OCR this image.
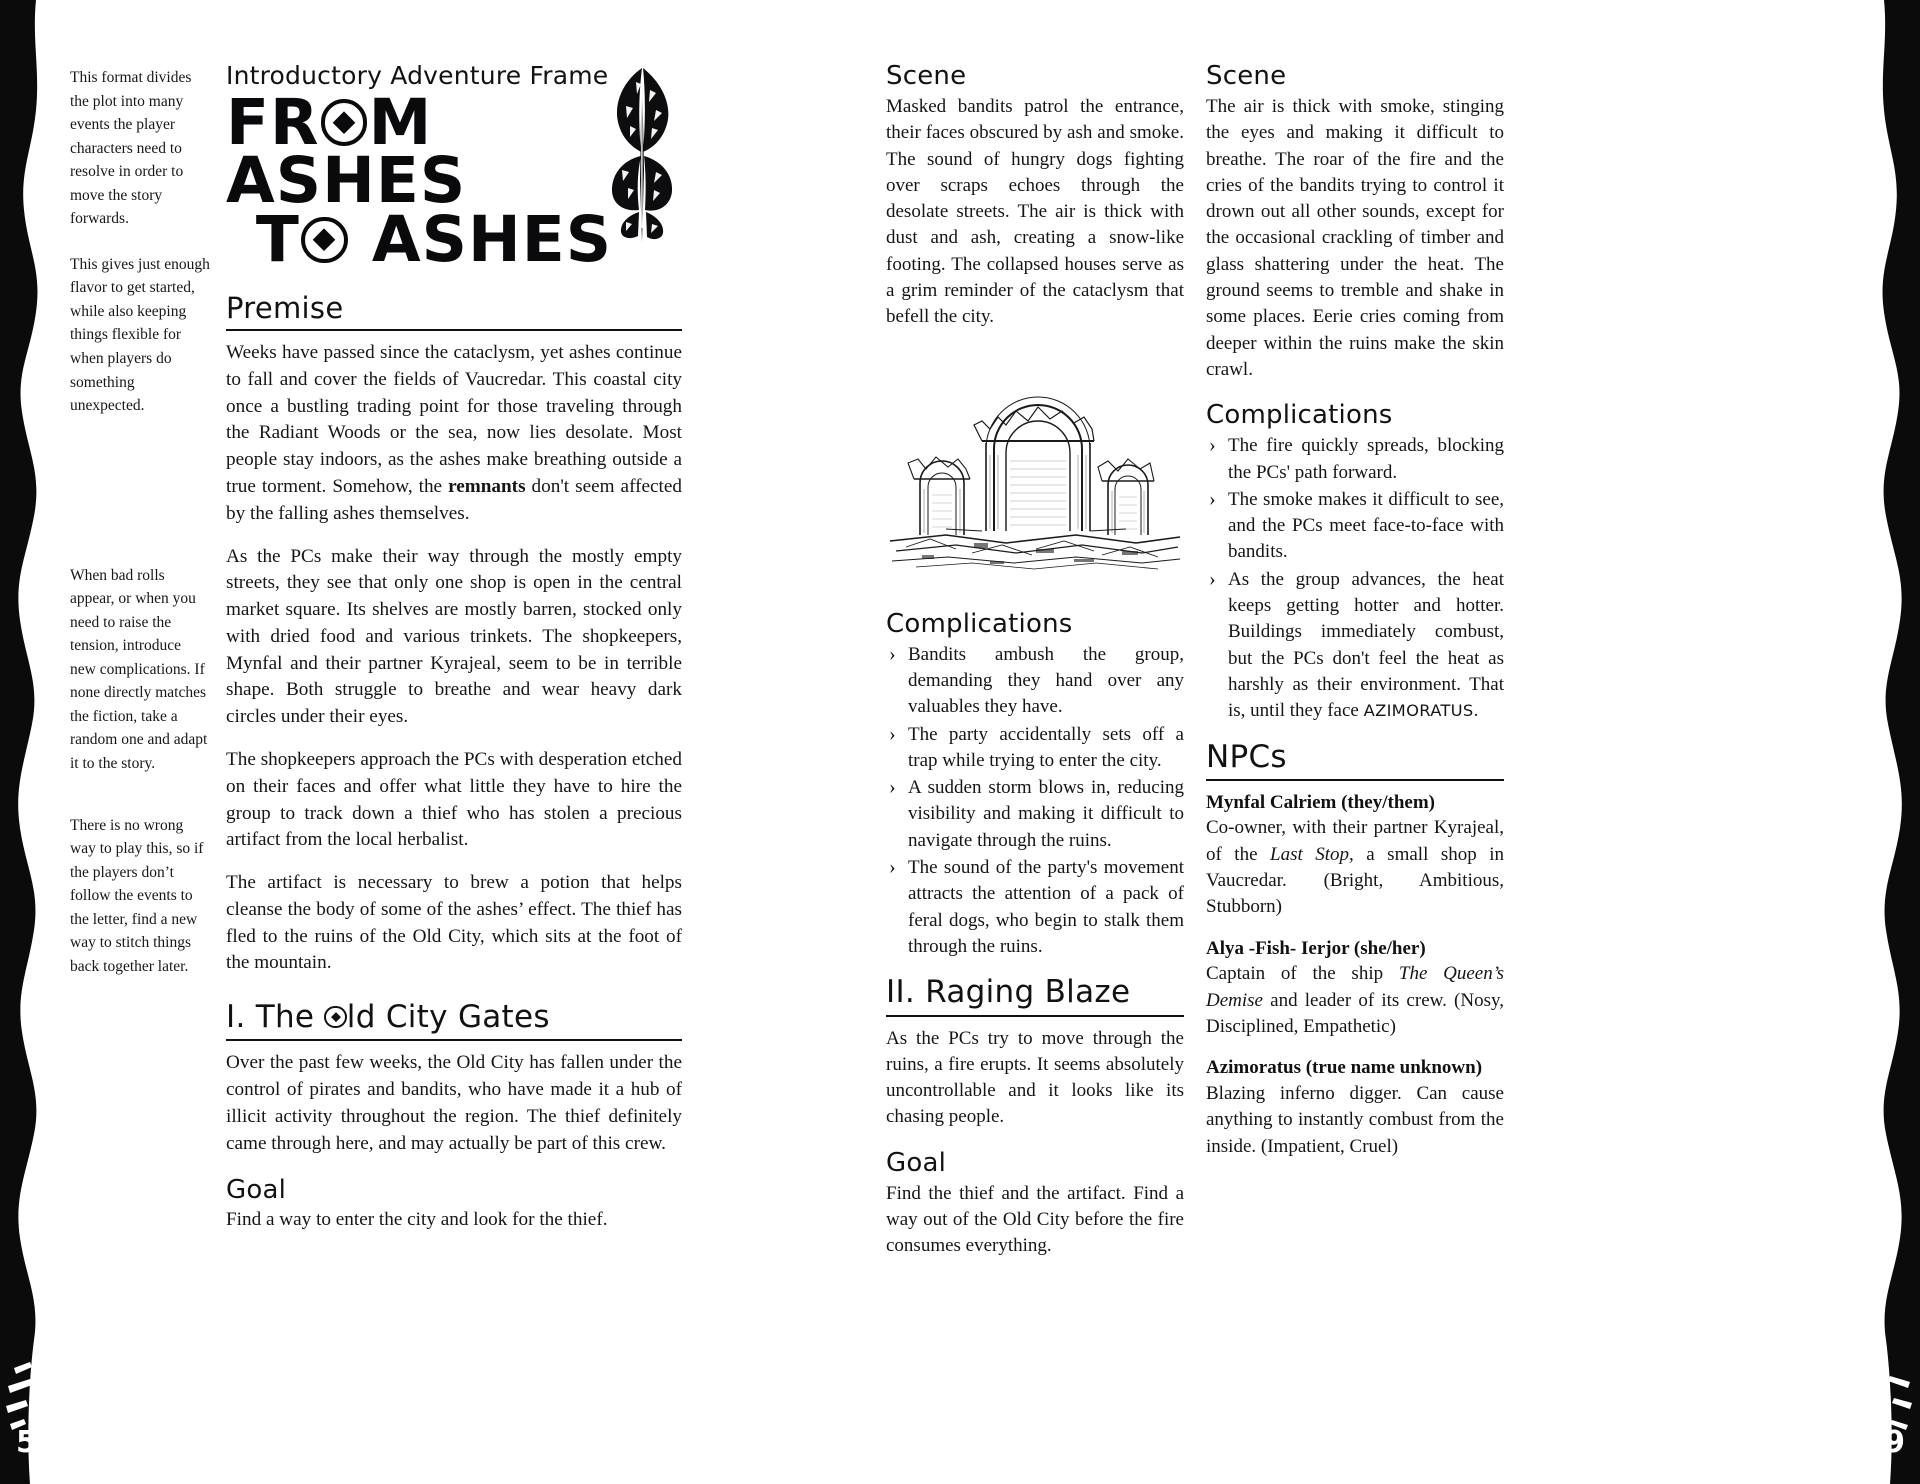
This format divides the plot into many events the player characters need to resolve in order to move the story forwards.

This gives just enough flavor to get started, while also keeping things flexible for when players do something unexpected.

When bad rolls appear, or when you need to raise the tension, introduce new complications. If none directly matches the fiction, take a random one and adapt it to the story.

There is no wrong way to play this, so if the players don’t follow the events to the letter, find a new way to stitch things back together later.

Introductory Adventure Frame
FR M ASHES
T ASHES
Premise

Weeks have passed since the cataclysm, yet ashes continue to fall and cover the fields of Vaucredar. This coastal city once a bustling trading point for those traveling through the Radiant Woods or the sea, now lies desolate. Most people stay indoors, as the ashes make breathing outside a true torment. Somehow, the remnants don't seem affected by the falling ashes themselves.

As the PCs make their way through the mostly empty streets, they see that only one shop is open in the central market square. Its shelves are mostly barren, stocked only with dried food and various trinkets. The shopkeepers, Mynfal and their partner Kyrajeal, seem to be in terrible shape. Both struggle to breathe and wear heavy dark circles under their eyes.

The shopkeepers approach the PCs with desperation etched on their faces and offer what little they have to hire the group to track down a thief who has stolen a precious artifact from the local herbalist.

The artifact is necessary to brew a potion that helps cleanse the body of some of the ashes’ effect. The thief has fled to the ruins of the Old City, which sits at the foot of the mountain.

I. The ld City Gates

Over the past few weeks, the Old City has fallen under the control of pirates and bandits, who have made it a hub of illicit activity throughout the region. The thief definitely came through here, and may actually be part of this crew.

Goal

Find a way to enter the city and look for the thief.

Scene

Masked bandits patrol the entrance, their faces obscured by ash and smoke. The sound of hungry dogs fighting over scraps echoes through the desolate streets. The air is thick with dust and ash, creating a snow-like footing. The collapsed houses serve as a grim reminder of the cataclysm that befell the city.

Complications
› Bandits ambush the group, demanding they hand over any valuables they have.
› The party accidentally sets off a trap while trying to enter the city.
› A sudden storm blows in, reducing visibility and making it difficult to navigate through the ruins.
› The sound of the party's movement attracts the attention of a pack of feral dogs, who begin to stalk them through the ruins.
II. Raging Blaze

As the PCs try to move through the ruins, a fire erupts. It seems absolutely uncontrollable and it looks like its chasing people.

Goal

Find the thief and the artifact. Find a way out of the Old City before the fire consumes everything.

Scene

The air is thick with smoke, stinging the eyes and making it difficult to breathe. The roar of the fire and the cries of the bandits trying to control it drown out all other sounds, except for the occasional crackling of timber and glass shattering under the heat. The ground seems to tremble and shake in some places. Eerie cries coming from deeper within the ruins make the skin crawl.

Complications
› The fire quickly spreads, blocking the PCs' path forward.
› The smoke makes it difficult to see, and the PCs meet face-to-face with bandits.
› As the group advances, the heat keeps getting hotter and hotter. Buildings immediately combust, but the PCs don't feel the heat as harshly as their environment. That is, until they face AZIMORATUS.
NPCs
Mynfal Calriem (they/them)
Co-owner, with their partner Kyrajeal, of the Last Stop, a small shop in Vaucredar. (Bright, Ambitious, Stubborn)
Alya -Fish- Ierjor (she/her)
Captain of the ship The Queen’s Demise and leader of its crew. (Nosy, Disciplined, Empathetic)
Azimoratus (true name unknown)
Blazing inferno digger. Can cause anything to instantly combust from the inside. (Impatient, Cruel)
58	59
